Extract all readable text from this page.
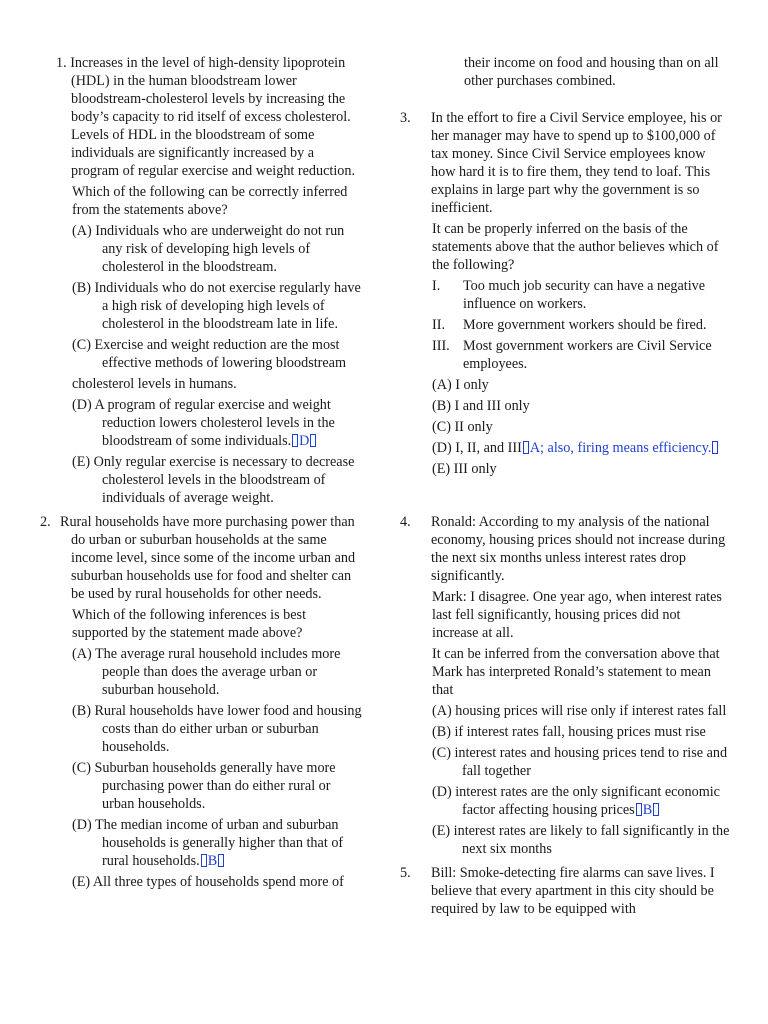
1. Increases in the level of high-density lipoprotein (HDL) in the human bloodstream lower bloodstream-cholesterol levels by increasing the body’s capacity to rid itself of excess cholesterol. Levels of HDL in the bloodstream of some individuals are significantly increased by a program of regular exercise and weight reduction.
Which of the following can be correctly inferred from the statements above?
(A) Individuals who are underweight do not run any risk of developing high levels of cholesterol in the bloodstream.
(B) Individuals who do not exercise regularly have a high risk of developing high levels of cholesterol in the bloodstream late in life.
(C) Exercise and weight reduction are the most effective methods of lowering bloodstream
cholesterol levels in humans.
(D) A program of regular exercise and weight reduction lowers cholesterol levels in the bloodstream of some individuals. D
(E) Only regular exercise is necessary to decrease cholesterol levels in the bloodstream of individuals of average weight.
2. Rural households have more purchasing power than do urban or suburban households at the same income level, since some of the income urban and suburban households use for food and shelter can be used by rural households for other needs.
Which of the following inferences is best supported by the statement made above?
(A) The average rural household includes more people than does the average urban or suburban household.
(B) Rural households have lower food and housing costs than do either urban or suburban households.
(C) Suburban households generally have more purchasing power than do either rural or urban households.
(D) The median income of urban and suburban households is generally higher than that of rural households. B
(E) All three types of households spend more of
their income on food and housing than on all other purchases combined.
3. In the effort to fire a Civil Service employee, his or her manager may have to spend up to $100,000 of tax money. Since Civil Service employees know how hard it is to fire them, they tend to loaf. This explains in large part why the government is so inefficient.
It can be properly inferred on the basis of the statements above that the author believes which of the following?
I. Too much job security can have a negative influence on workers.
II. More government workers should be fired.
III. Most government workers are Civil Service employees.
(A) I only
(B) I and III only
(C) II only
(D) I, II, and III A; also, firing means efficiency.
(E) III only
4. Ronald: According to my analysis of the national economy, housing prices should not increase during the next six months unless interest rates drop significantly.
Mark: I disagree. One year ago, when interest rates last fell significantly, housing prices did not increase at all.
It can be inferred from the conversation above that Mark has interpreted Ronald’s statement to mean that
(A) housing prices will rise only if interest rates fall
(B) if interest rates fall, housing prices must rise
(C) interest rates and housing prices tend to rise and fall together
(D) interest rates are the only significant economic factor affecting housing prices B
(E) interest rates are likely to fall significantly in the next six months
5. Bill: Smoke-detecting fire alarms can save lives. I believe that every apartment in this city should be required by law to be equipped with
